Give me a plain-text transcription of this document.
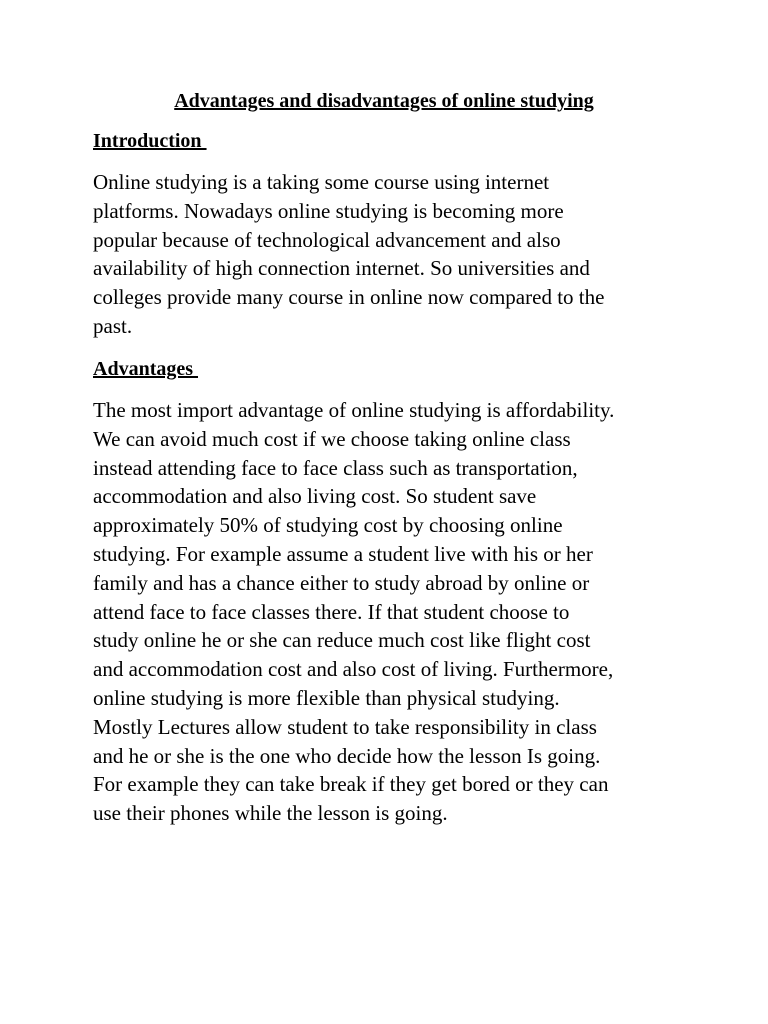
Advantages and disadvantages of online studying
Introduction

Online studying is a taking some course using internet
platforms. Nowadays online studying is becoming more
popular because of technological advancement and also
availability of high connection internet. So universities and
colleges provide many course in online now compared to the
past.

Advantages

The most import advantage of online studying is affordability.
We can avoid much cost if we choose taking online class
instead attending face to face class such as transportation,
accommodation and also living cost. So student save
approximately 50% of studying cost by choosing online
studying. For example assume a student live with his or her
family and has a chance either to study abroad by online or
attend face to face classes there. If that student choose to
study online he or she can reduce much cost like flight cost
and accommodation cost and also cost of living. Furthermore,
online studying is more flexible than physical studying.
Mostly Lectures allow student to take responsibility in class
and he or she is the one who decide how the lesson Is going.
For example they can take break if they get bored or they can
use their phones while the lesson is going.
